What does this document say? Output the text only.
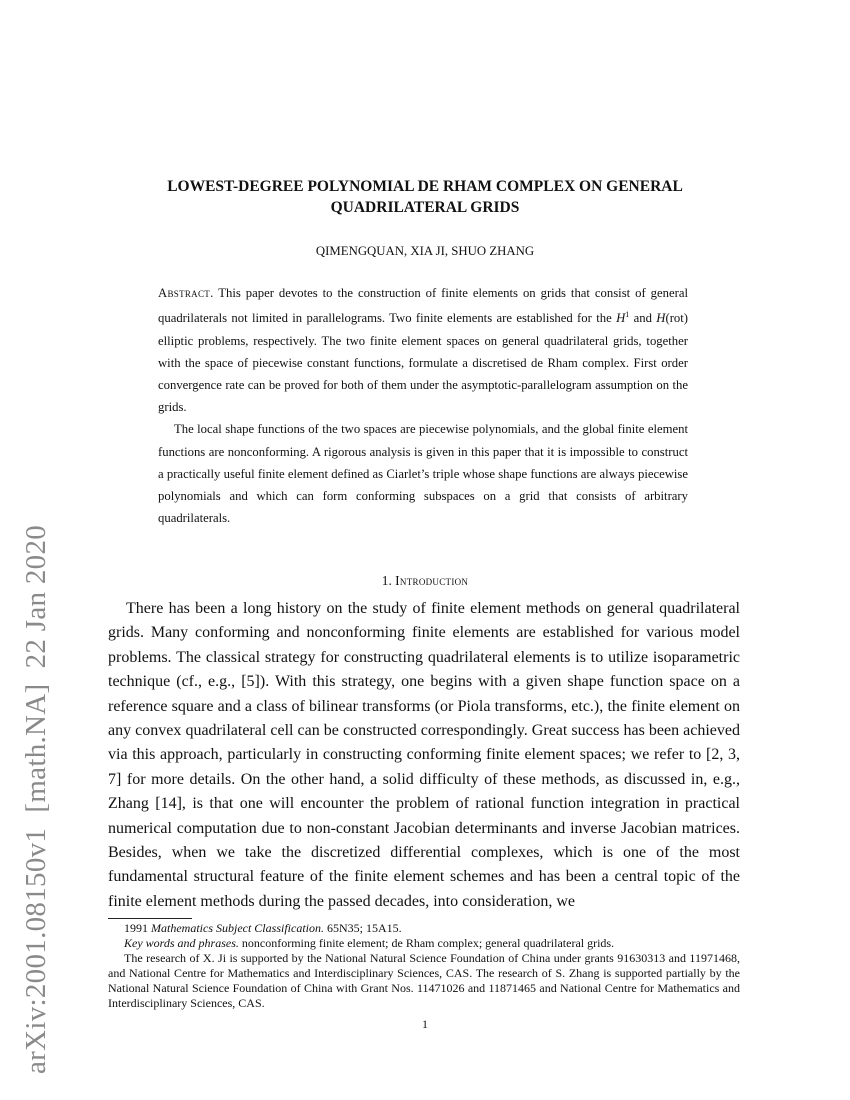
arXiv:2001.08150v1  [math.NA]  22 Jan 2020
LOWEST-DEGREE POLYNOMIAL DE RHAM COMPLEX ON GENERAL QUADRILATERAL GRIDS
QIMENGQUAN, XIA JI, SHUO ZHANG

Abstract. This paper devotes to the construction of finite elements on grids that consist of general quadrilaterals not limited in parallelograms. Two finite elements are established for the $H^1$ and H(rot) elliptic problems, respectively. The two finite element spaces on general quadrilateral grids, together with the space of piecewise constant functions, formulate a discretised de Rham complex. First order convergence rate can be proved for both of them under the asymptotic-parallelogram assumption on the grids.

The local shape functions of the two spaces are piecewise polynomials, and the global finite element functions are nonconforming. A rigorous analysis is given in this paper that it is impossible to construct a practically useful finite element defined as Ciarlet’s triple whose shape functions are always piecewise polynomials and which can form conforming subspaces on a grid that consists of arbitrary quadrilaterals.

1. Introduction

There has been a long history on the study of finite element methods on general quadrilateral grids. Many conforming and nonconforming finite elements are established for various model problems. The classical strategy for constructing quadrilateral elements is to utilize isoparametric technique (cf., e.g., [5]). With this strategy, one begins with a given shape function space on a reference square and a class of bilinear transforms (or Piola transforms, etc.), the finite element on any convex quadrilateral cell can be constructed correspondingly. Great success has been achieved via this approach, particularly in constructing conforming finite element spaces; we refer to [2, 3, 7] for more details. On the other hand, a solid difficulty of these methods, as discussed in, e.g., Zhang [14], is that one will encounter the problem of rational function integration in practical numerical computation due to non-constant Jacobian determinants and inverse Jacobian matrices. Besides, when we take the discretized differential complexes, which is one of the most fundamental structural feature of the finite element schemes and has been a central topic of the finite element methods during the passed decades, into consideration, we

1991 Mathematics Subject Classification. 65N35; 15A15.

Key words and phrases. nonconforming finite element; de Rham complex; general quadrilateral grids.

The research of X. Ji is supported by the National Natural Science Foundation of China under grants 91630313 and 11971468, and National Centre for Mathematics and Interdisciplinary Sciences, CAS. The research of S. Zhang is supported partially by the National Natural Science Foundation of China with Grant Nos. 11471026 and 11871465 and National Centre for Mathematics and Interdisciplinary Sciences, CAS.

1
